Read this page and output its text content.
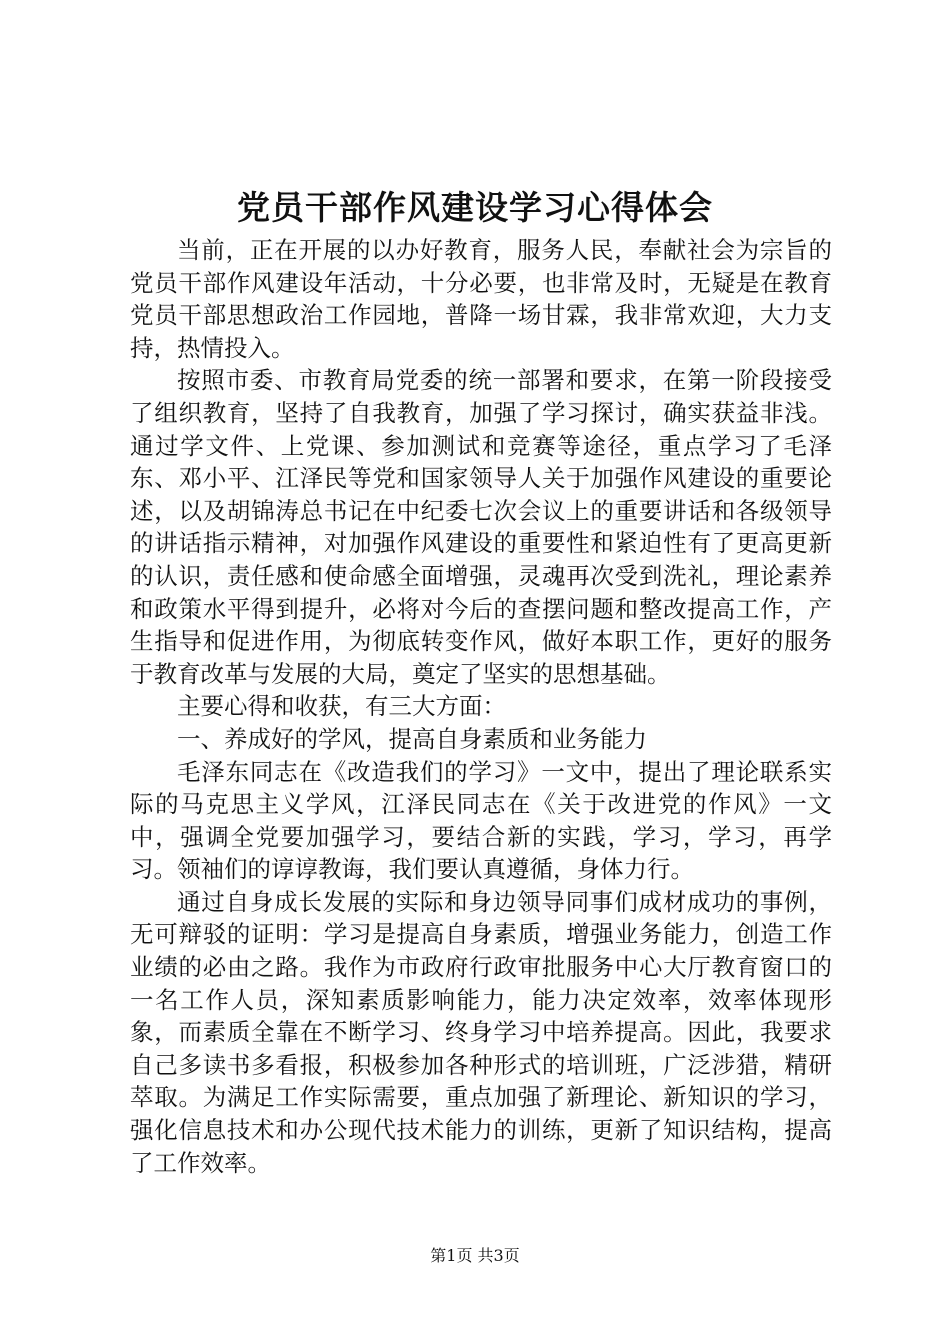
党员干部作风建设学习心得体会

当前，正在开展的以办好教育，服务人民，奉献社会为宗旨的党员干部作风建设年活动，十分必要，也非常及时，无疑是在教育党员干部思想政治工作园地，普降一场甘霖，我非常欢迎，大力支持，热情投入。

按照市委、市教育局党委的统一部署和要求，在第一阶段接受了组织教育，坚持了自我教育，加强了学习探讨，确实获益非浅。通过学文件、上党课、参加测试和竞赛等途径，重点学习了毛泽东、邓小平、江泽民等党和国家领导人关于加强作风建设的重要论述，以及胡锦涛总书记在中纪委七次会议上的重要讲话和各级领导的讲话指示精神，对加强作风建设的重要性和紧迫性有了更高更新的认识，责任感和使命感全面增强，灵魂再次受到洗礼，理论素养和政策水平得到提升，必将对今后的查摆问题和整改提高工作，产生指导和促进作用，为彻底转变作风，做好本职工作，更好的服务于教育改革与发展的大局，奠定了坚实的思想基础。

主要心得和收获，有三大方面：

一、养成好的学风，提高自身素质和业务能力

毛泽东同志在《改造我们的学习》一文中，提出了理论联系实际的马克思主义学风，江泽民同志在《关于改进党的作风》一文中，强调全党要加强学习，要结合新的实践，学习，学习，再学习。领袖们的谆谆教诲，我们要认真遵循，身体力行。

通过自身成长发展的实际和身边领导同事们成材成功的事例，无可辩驳的证明：学习是提高自身素质，增强业务能力，创造工作业绩的必由之路。我作为市政府行政审批服务中心大厅教育窗口的一名工作人员，深知素质影响能力，能力决定效率，效率体现形象，而素质全靠在不断学习、终身学习中培养提高。因此，我要求自己多读书多看报，积极参加各种形式的培训班，广泛涉猎，精研萃取。为满足工作实际需要，重点加强了新理论、新知识的学习，强化信息技术和办公现代技术能力的训练，更新了知识结构，提高了工作效率。

第1页 共3页
